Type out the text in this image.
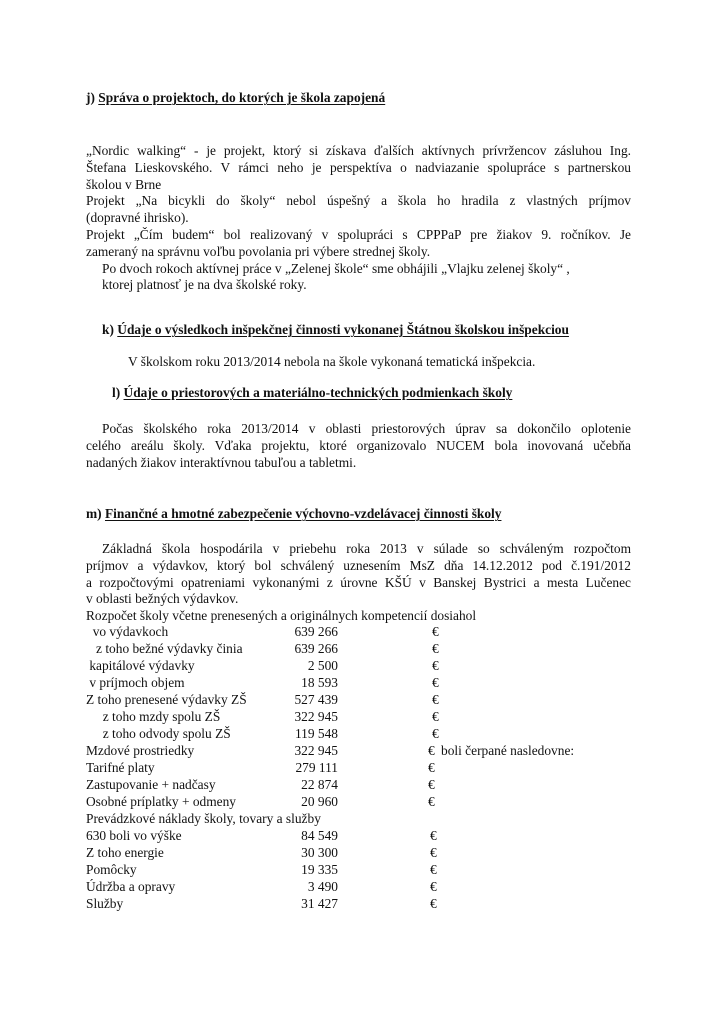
j) Správa o projektoch, do ktorých je škola zapojená
„Nordic walking“ - je projekt, ktorý si získava ďalších aktívnych prívržencov zásluhou Ing.
Štefana Lieskovského. V rámci neho je perspektíva o nadviazanie spolupráce s partnerskou
školou v Brne
Projekt „Na bicykli do školy“ nebol úspešný a škola ho hradila z vlastných príjmov
(dopravné ihrisko).
Projekt „Čím budem“ bol realizovaný v spolupráci s CPPPaP pre žiakov 9. ročníkov. Je
zameraný na správnu voľbu povolania pri výbere strednej školy.
Po dvoch rokoch aktívnej práce v „Zelenej škole“ sme obhájili „Vlajku zelenej školy“ ,
ktorej platnosť je na dva školské roky.
k) Údaje o výsledkoch inšpekčnej činnosti vykonanej Štátnou školskou inšpekciou
V školskom roku 2013/2014 nebola na škole vykonaná tematická inšpekcia.
l) Údaje o priestorových a materiálno-technických podmienkach školy
Počas školského roka 2013/2014 v oblasti priestorových úprav sa dokončilo oplotenie
celého areálu školy. Vďaka projektu, ktoré organizovalo NUCEM bola inovovaná učebňa
nadaných žiakov interaktívnou tabuľou a tabletmi.
m) Finančné a hmotné zabezpečenie výchovno-vzdelávacej činnosti školy
Základná škola hospodárila v priebehu roka 2013 v súlade so schváleným rozpočtom
príjmov a výdavkov, ktorý bol schválený uznesením MsZ dňa 14.12.2012 pod č.191/2012
a rozpočtovými opatreniami vykonanými z úrovne KŠÚ v Banskej Bystrici a mesta Lučenec
v oblasti bežných výdavkov.
Rozpočet školy včetne prenesených a originálnych kompetencií dosiahol
vo výdavkoch	639 266	€
z toho bežné výdavky činia	639 266	€
kapitálové výdavky	2 500	€
v príjmoch objem	18 593	€
Z toho prenesené výdavky ZŠ	527 439	€
z toho mzdy spolu ZŠ	322 945	€
z toho odvody spolu ZŠ	119 548	€
Mzdové prostriedky	322 945	€ boli čerpané nasledovne:
Tarifné platy	279 111	€
Zastupovanie + nadčasy	22 874	€
Osobné príplatky + odmeny	20 960	€
Prevádzkové náklady školy, tovary a služby
630 boli vo výške	84 549	€
Z toho energie	30 300	€
Pomôcky	19 335	€
Údržba a opravy	3 490	€
Služby	31 427	€
